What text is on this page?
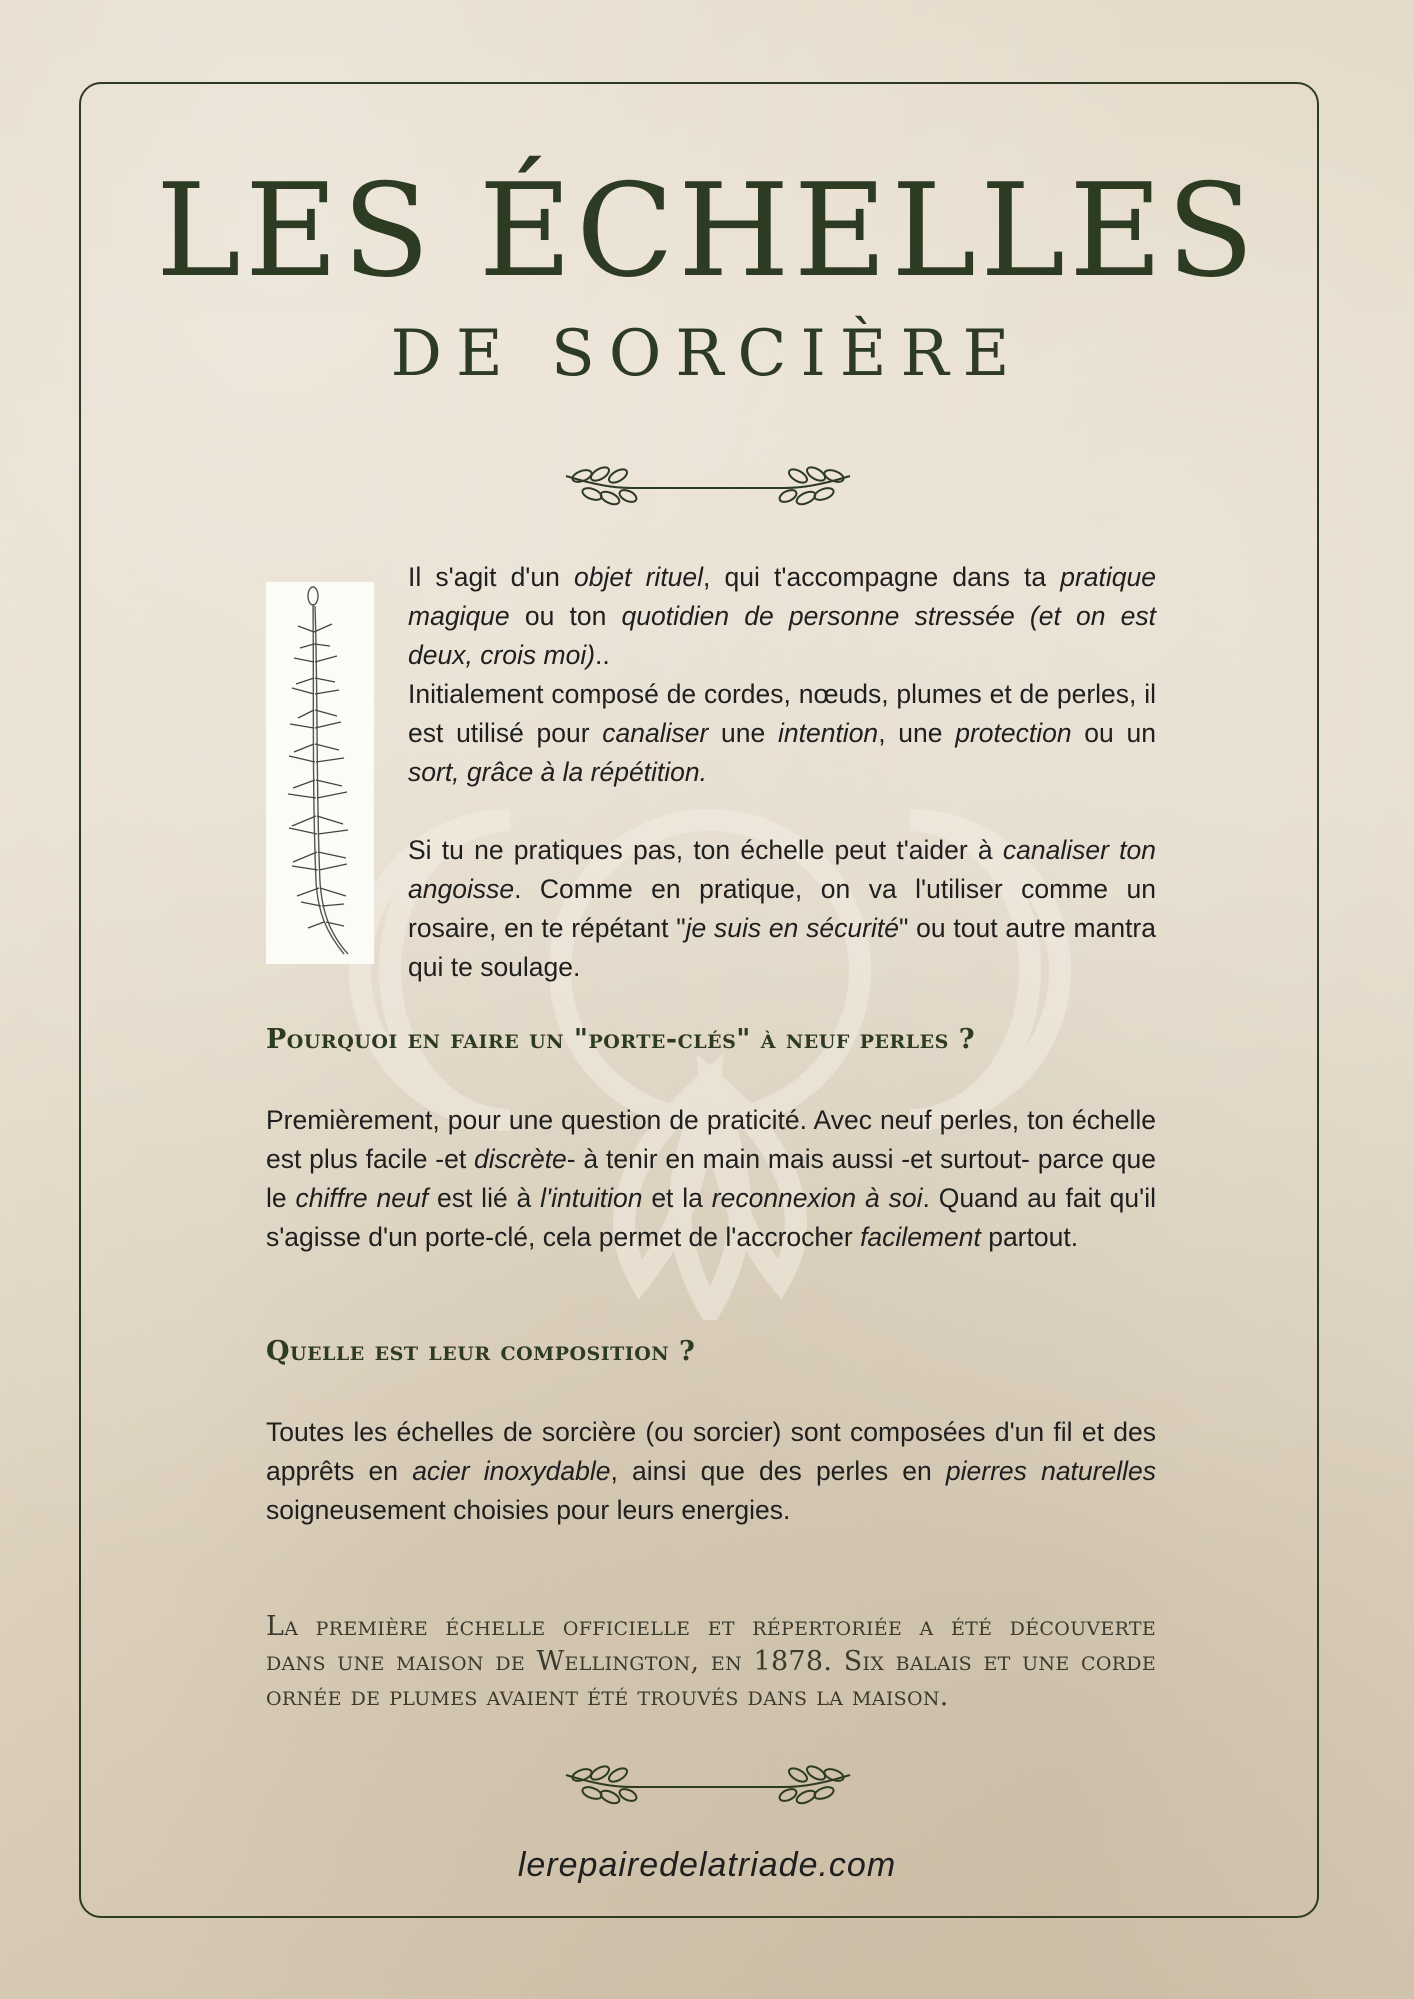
LES ÉCHELLES
DE SORCIÈRE

Il s'agit d'un objet rituel, qui t'accompagne dans ta pratique magique ou ton quotidien de personne stressée (et on est deux, crois moi)..

Initialement composé de cordes, nœuds, plumes et de perles, il est utilisé pour canaliser une intention, une protection ou un sort, grâce à la répétition.

Si tu ne pratiques pas, ton échelle peut t'aider à canaliser ton angoisse. Comme en pratique, on va l'utiliser comme un rosaire, en te répétant "je suis en sécurité" ou tout autre mantra qui te soulage.

Pourquoi en faire un "porte-clés" à neuf perles ?

Premièrement, pour une question de praticité. Avec neuf perles, ton échelle est plus facile -et discrète- à tenir en main mais aussi -et surtout- parce que le chiffre neuf est lié à l'intuition et la reconnexion à soi. Quand au fait qu'il s'agisse d'un porte-clé, cela permet de l'accrocher facilement partout.

Quelle est leur composition ?

Toutes les échelles de sorcière (ou sorcier) sont composées d'un fil et des apprêts en acier inoxydable, ainsi que des perles en pierres naturelles soigneusement choisies pour leurs energies.

La première échelle officielle et répertoriée a été découverte dans une maison de Wellington, en 1878. Six balais et une corde ornée de plumes avaient été trouvés dans la maison.
lerepairedelatriade.com
